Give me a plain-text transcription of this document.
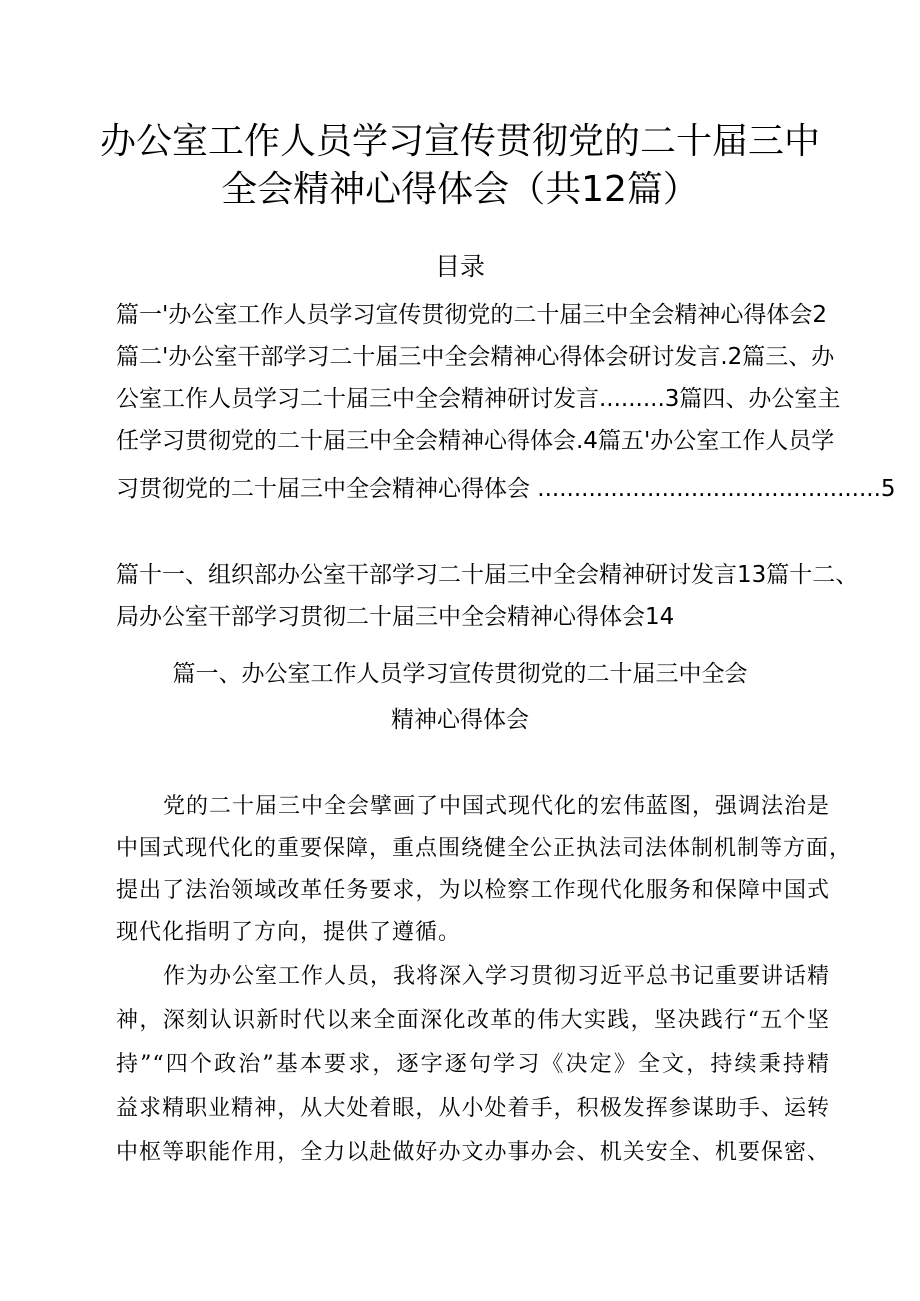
办公室工作人员学习宣传贯彻党的二十届三中
全会精神心得体会（共12篇）
目录
篇一'办公室工作人员学习宣传贯彻党的二十届三中全会精神心得体会2
篇二'办公室干部学习二十届三中全会精神心得体会研讨发言.2篇三、办
公室工作人员学习二十届三中全会精神研讨发言.........3篇四、办公室主
任学习贯彻党的二十届三中全会精神心得体会.4篇五'办公室工作人员学
习贯彻党的二十届三中全会精神心得体会 ...............................................5
篇十一、组织部办公室干部学习二十届三中全会精神研讨发言13篇十二、
局办公室干部学习贯彻二十届三中全会精神心得体会14
篇一、办公室工作人员学习宣传贯彻党的二十届三中全会
精神心得体会
党的二十届三中全会擘画了中国式现代化的宏伟蓝图，强调法治是
中国式现代化的重要保障，重点围绕健全公正执法司法体制机制等方面，
提出了法治领域改革任务要求，为以检察工作现代化服务和保障中国式
现代化指明了方向，提供了遵循。
作为办公室工作人员，我将深入学习贯彻习近平总书记重要讲话精
神，深刻认识新时代以来全面深化改革的伟大实践，坚决践行“五个坚
持”“四个政治”基本要求，逐字逐句学习《决定》全文，持续秉持精
益求精职业精神，从大处着眼，从小处着手，积极发挥参谋助手、运转
中枢等职能作用，全力以赴做好办文办事办会、机关安全、机要保密、
